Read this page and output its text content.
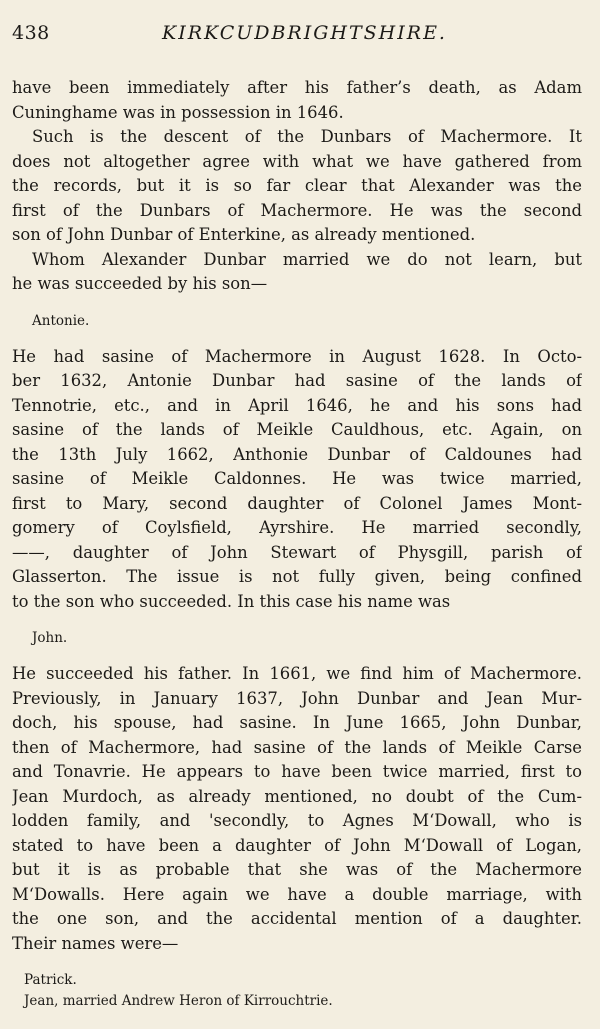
438	KIRKCUDBRIGHTSHIRE.
have been immediately after his father’s death, as Adam
Cuninghame was in possession in 1646.
Such is the descent of the Dunbars of Machermore. It
does not altogether agree with what we have gathered from
the records, but it is so far clear that Alexander was the
first of the Dunbars of Machermore. He was the second
son of John Dunbar of Enterkine, as already mentioned.
Whom Alexander Dunbar married we do not learn, but
he was succeeded by his son—
Antonie.
He had sasine of Machermore in August 1628. In Octo-
ber 1632, Antonie Dunbar had sasine of the lands of
Tennotrie, etc., and in April 1646, he and his sons had
sasine of the lands of Meikle Cauldhous, etc. Again, on
the 13th July 1662, Anthonie Dunbar of Caldounes had
sasine of Meikle Caldonnes. He was twice married,
first to Mary, second daughter of Colonel James Mont-
gomery of Coylsfield, Ayrshire. He married secondly,
——, daughter of John Stewart of Physgill, parish of
Glasserton. The issue is not fully given, being confined
to the son who succeeded. In this case his name was
John.
He succeeded his father. In 1661, we find him of Machermore.
Previously, in January 1637, John Dunbar and Jean Mur-
doch, his spouse, had sasine. In June 1665, John Dunbar,
then of Machermore, had sasine of the lands of Meikle Carse
and Tonavrie. He appears to have been twice married, first to
Jean Murdoch, as already mentioned, no doubt of the Cum-
lodden family, and 'secondly, to Agnes M‘Dowall, who is
stated to have been a daughter of John M‘Dowall of Logan,
but it is as probable that she was of the Machermore
M‘Dowalls. Here again we have a double marriage, with
the one son, and the accidental mention of a daughter.
Their names were—
Patrick.
Jean, married Andrew Heron of Kirrouchtrie.
